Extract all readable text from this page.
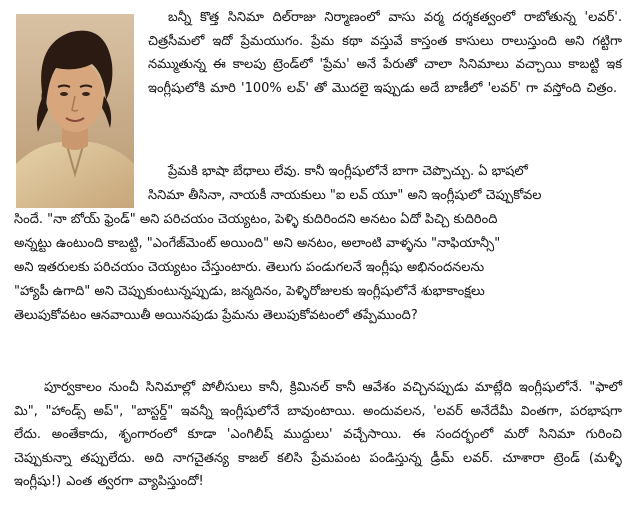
బన్నీ కొత్త సినిమా దిల్‌రాజు నిర్మాణంలో వాసు వర్మ దర్శకత్వంలో రాబోతున్న 'లవర్'. చిత్రసీమలో ఇదో ప్రేమయుగం. ప్రేమ కథా వస్తువే కాస్తంత కాసులు రాలుస్తుంది అని గట్టిగా నమ్ముతున్న ఈ కాలపు ట్రెండ్‌లో 'ప్రేమ' అనే పేరుతో చాలా సినిమాలు వచ్చాయి కాబట్టి ఇక ఇంగ్లీషులోకి మారి '100% లవ్' తో మొదలై ఇప్పుడు అదే బాణీలో 'లవర్' గా వస్తోంది చిత్రం.

ప్రేమకి భాషా బేధాలు లేవు. కానీ ఇంగ్లీషులోనే బాగా చెప్పొచ్చు. ఏ భాషలో

సినిమా తీసినా, నాయకీ నాయకులు "ఐ లవ్ యూ" అని ఇంగ్లీషులో చెప్పుకోవల

సిందే. "నా బోయ్ ఫ్రెండ్" అని పరిచయం చెయ్యటం, పెళ్ళి కుదిరిందని అనటం ఏదో పిచ్చి కుదిరింది

అన్నట్టు ఉంటుంది కాబట్టి, "ఎంగేజ్‌మెంట్ అయింది" అని అనటం, అలాంటి వాళ్ళను "నాఫియాన్సీ"

అని ఇతరులకు పరిచయం చెయ్యటం చేస్తుంటారు. తెలుగు పండుగలనే ఇంగ్లీషు అభినందనలను

"హ్యాపీ ఉగాది" అని చెప్పుకుంటున్నప్పుడు, జన్మదినం, పెళ్ళిరోజులకు ఇంగ్లీషులోనే శుభాకాంక్షలు

తెలుపుకోవటం ఆనవాయితీ అయినపుడు ప్రేమను తెలుపుకోవటంలో తప్పేముంది?

పూర్వకాలం నుంచీ సినిమాల్లో పోలీసులు కానీ, క్రిమినల్ కానీ ఆవేశం వచ్చినప్పుడు మాట్లేది ఇంగ్లీషులోనే. "ఫాలో మి", "హాండ్స్ అప్", "బాస్టర్డ్" ఇవన్నీ ఇంగ్లీషులోనే బావుంటాయి. అందువలన, 'లవర్ అనేదేమీ వింతగా, పరభాషగా లేదు. అంతేకాదు, శృంగారంలో కూడా 'ఎంగిలీష్ ముద్దులు' వచ్చేసాయి. ఈ సందర్భంలో మరో సినిమా గురించి చెప్పుకున్నా తప్పులేదు. అది నాగచైతన్య కాజల్ కలిసి ప్రేమపంట పండిస్తున్న డ్రీమ్ లవర్. చూశారా ట్రెండ్ (మళ్ళీ ఇంగ్లీషు!) ఎంత త్వరగా వ్యాపిస్తుందో!
